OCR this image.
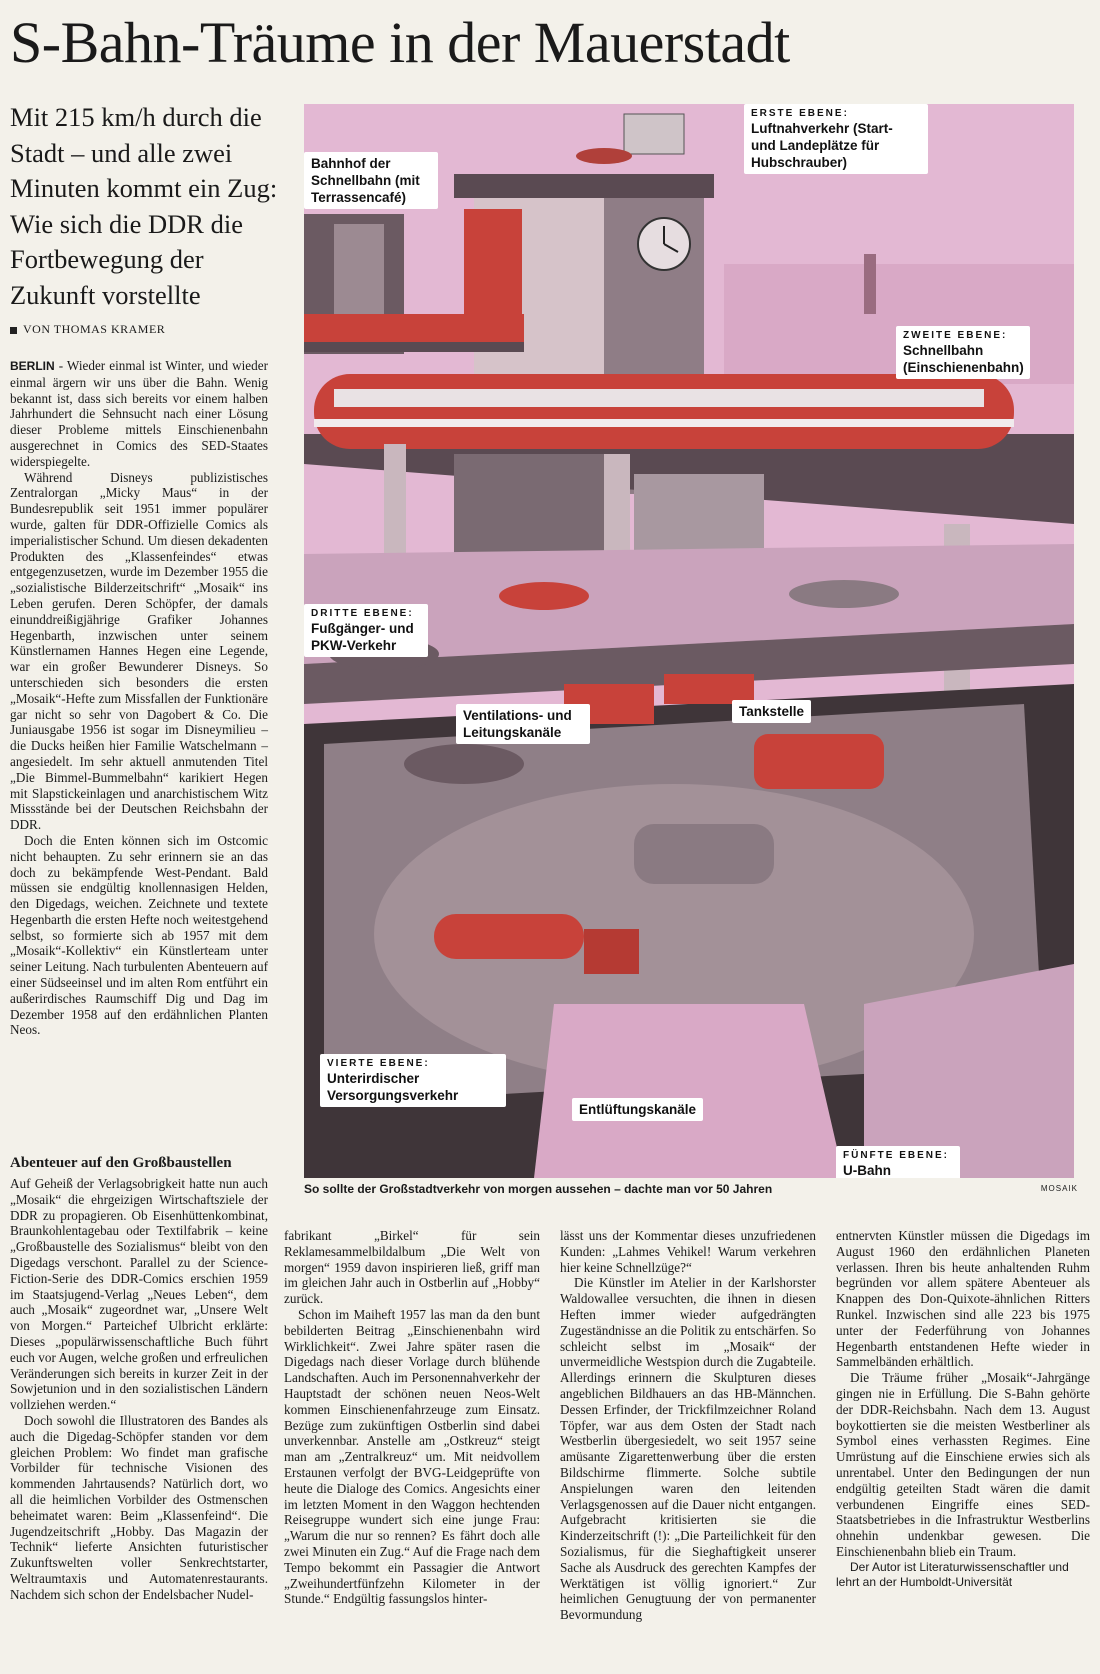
S-Bahn-Träume in der Mauerstadt

Mit 215 km/h durch die Stadt – und alle zwei Minuten kommt ein Zug: Wie sich die DDR die Fortbewegung der Zukunft vorstellte

VON THOMAS KRAMER

BERLIN - Wieder einmal ist Winter, und wieder einmal ärgern wir uns über die Bahn. Wenig bekannt ist, dass sich bereits vor einem halben Jahrhundert die Sehnsucht nach einer Lösung dieser Probleme mittels Einschienenbahn ausgerechnet in Comics des SED-Staates widerspiegelte.

Während Disneys publizistisches Zentralorgan „Micky Maus“ in der Bundesrepublik seit 1951 immer populärer wurde, galten für DDR-Offizielle Comics als imperialistischer Schund. Um diesen dekadenten Produkten des „Klassenfeindes“ etwas entgegenzusetzen, wurde im Dezember 1955 die „sozialistische Bilderzeitschrift“ „Mosaik“ ins Leben gerufen. Deren Schöpfer, der damals einunddreißigjährige Grafiker Johannes Hegenbarth, inzwischen unter seinem Künstlernamen Hannes Hegen eine Legende, war ein großer Bewunderer Disneys. So unterschieden sich besonders die ersten „Mosaik“-Hefte zum Missfallen der Funktionäre gar nicht so sehr von Dagobert & Co. Die Juniausgabe 1956 ist sogar im Disneymilieu – die Ducks heißen hier Familie Watschelmann – angesiedelt. Im sehr aktuell anmutenden Titel „Die Bimmel-Bummelbahn“ karikiert Hegen mit Slapstickeinlagen und anarchistischem Witz Missstände bei der Deutschen Reichsbahn der DDR.

Doch die Enten können sich im Ostcomic nicht behaupten. Zu sehr erinnern sie an das doch zu bekämpfende West-Pendant. Bald müssen sie endgültig knollennasigen Helden, den Digedags, weichen. Zeichnete und textete Hegenbarth die ersten Hefte noch weitestgehend selbst, so formierte sich ab 1957 mit dem „Mosaik“-Kollektiv“ ein Künstlerteam unter seiner Leitung. Nach turbulenten Abenteuern auf einer Südseeinsel und im alten Rom entführt ein außerirdisches Raumschiff Dig und Dag im Dezember 1958 auf den erdähnlichen Planten Neos.

Abenteuer auf den Großbaustellen

Auf Geheiß der Verlagsobrigkeit hatte nun auch „Mosaik“ die ehrgeizigen Wirtschaftsziele der DDR zu propagieren. Ob Eisenhüttenkombinat, Braunkohlentagebau oder Textilfabrik – keine „Großbaustelle des Sozialismus“ bleibt von den Digedags verschont. Parallel zu der Science-Fiction-Serie des DDR-Comics erschien 1959 im Staatsjugend-Verlag „Neues Leben“, dem auch „Mosaik“ zugeordnet war, „Unsere Welt von Morgen.“ Parteichef Ulbricht erklärte: Dieses „populärwissenschaftliche Buch führt euch vor Augen, welche großen und erfreulichen Veränderungen sich bereits in kurzer Zeit in der Sowjetunion und in den sozialistischen Ländern vollziehen werden.“

Doch sowohl die Illustratoren des Bandes als auch die Digedag-Schöpfer standen vor dem gleichen Problem: Wo findet man grafische Vorbilder für technische Visionen des kommenden Jahrtausends? Natürlich dort, wo all die heimlichen Vorbilder des Ostmenschen beheimatet waren: Beim „Klassenfeind“. Die Jugendzeitschrift „Hobby. Das Magazin der Technik“ lieferte Ansichten futuristischer Zukunftswelten voller Senkrechtstarter, Weltraumtaxis und Automatenrestaurants. Nachdem sich schon der Endelsbacher Nudel-

fabrikant „Birkel“ für sein Reklamesammelbildalbum „Die Welt von morgen“ 1959 davon inspirieren ließ, griff man im gleichen Jahr auch in Ostberlin auf „Hobby“ zurück.

Schon im Maiheft 1957 las man da den bunt bebilderten Beitrag „Einschienenbahn wird Wirklichkeit“. Zwei Jahre später rasen die Digedags nach dieser Vorlage durch blühende Landschaften. Auch im Personennahverkehr der Hauptstadt der schönen neuen Neos-Welt kommen Einschienenfahrzeuge zum Einsatz. Bezüge zum zukünftigen Ostberlin sind dabei unverkennbar. Anstelle am „Ostkreuz“ steigt man am „Zentralkreuz“ um. Mit neidvollem Erstaunen verfolgt der BVG-Leidgeprüfte von heute die Dialoge des Comics. Angesichts einer im letzten Moment in den Waggon hechtenden Reisegruppe wundert sich eine junge Frau: „Warum die nur so rennen? Es fährt doch alle zwei Minuten ein Zug.“ Auf die Frage nach dem Tempo bekommt ein Passagier die Antwort „Zweihundertfünfzehn Kilometer in der Stunde.“ Endgültig fassungslos hinter-

lässt uns der Kommentar dieses unzufriedenen Kunden: „Lahmes Vehikel! Warum verkehren hier keine Schnellzüge?“

Die Künstler im Atelier in der Karlshorster Waldowallee versuchten, die ihnen in diesen Heften immer wieder aufgedrängten Zugeständnisse an die Politik zu entschärfen. So schleicht selbst im „Mosaik“ der unvermeidliche Westspion durch die Zugabteile. Allerdings erinnern die Skulpturen dieses angeblichen Bildhauers an das HB-Männchen. Dessen Erfinder, der Trickfilmzeichner Roland Töpfer, war aus dem Osten der Stadt nach Westberlin übergesiedelt, wo seit 1957 seine amüsante Zigarettenwerbung über die ersten Bildschirme flimmerte. Solche subtile Anspielungen waren den leitenden Verlagsgenossen auf die Dauer nicht entgangen. Aufgebracht kritisierten sie die Kinderzeitschrift (!): „Die Parteilichkeit für den Sozialismus, für die Sieghaftigkeit unserer Sache als Ausdruck des gerechten Kampfes der Werktätigen ist völlig ignoriert.“ Zur heimlichen Genugtuung der von permanenter Bevormundung

entnervten Künstler müssen die Digedags im August 1960 den erdähnlichen Planeten verlassen. Ihren bis heute anhaltenden Ruhm begründen vor allem spätere Abenteuer als Knappen des Don-Quixote-ähnlichen Ritters Runkel. Inzwischen sind alle 223 bis 1975 unter der Federführung von Johannes Hegenbarth entstandenen Hefte wieder in Sammelbänden erhältlich.

Die Träume früher „Mosaik“-Jahrgänge gingen nie in Erfüllung. Die S-Bahn gehörte der DDR-Reichsbahn. Nach dem 13. August boykottierten sie die meisten Westberliner als Symbol eines verhassten Regimes. Eine Umrüstung auf die Einschiene erwies sich als unrentabel. Unter den Bedingungen der nun endgültig geteilten Stadt wären die damit verbundenen Eingriffe eines SED-Staatsbetriebes in die Infrastruktur Westberlins ohnehin undenkbar gewesen. Die Einschienenbahn blieb ein Traum.

Der Autor ist Literaturwissenschaftler und lehrt an der Humboldt-Universität

Bahnhof der Schnellbahn (mit Terrassencafé)
ERSTE EBENE:
Luftnahverkehr (Start- und Landeplätze für Hubschrauber)
ZWEITE EBENE:
Schnellbahn (Einschienenbahn)
DRITTE EBENE:
Fußgänger- und PKW-Verkehr
Ventilations- und Leitungskanäle
Tankstelle
VIERTE EBENE:
Unterirdischer Versorgungsverkehr
Entlüftungskanäle
FÜNFTE EBENE:
U-Bahn
So sollte der Großstadtverkehr von morgen aussehen – dachte man vor 50 Jahren	MOSAIK
